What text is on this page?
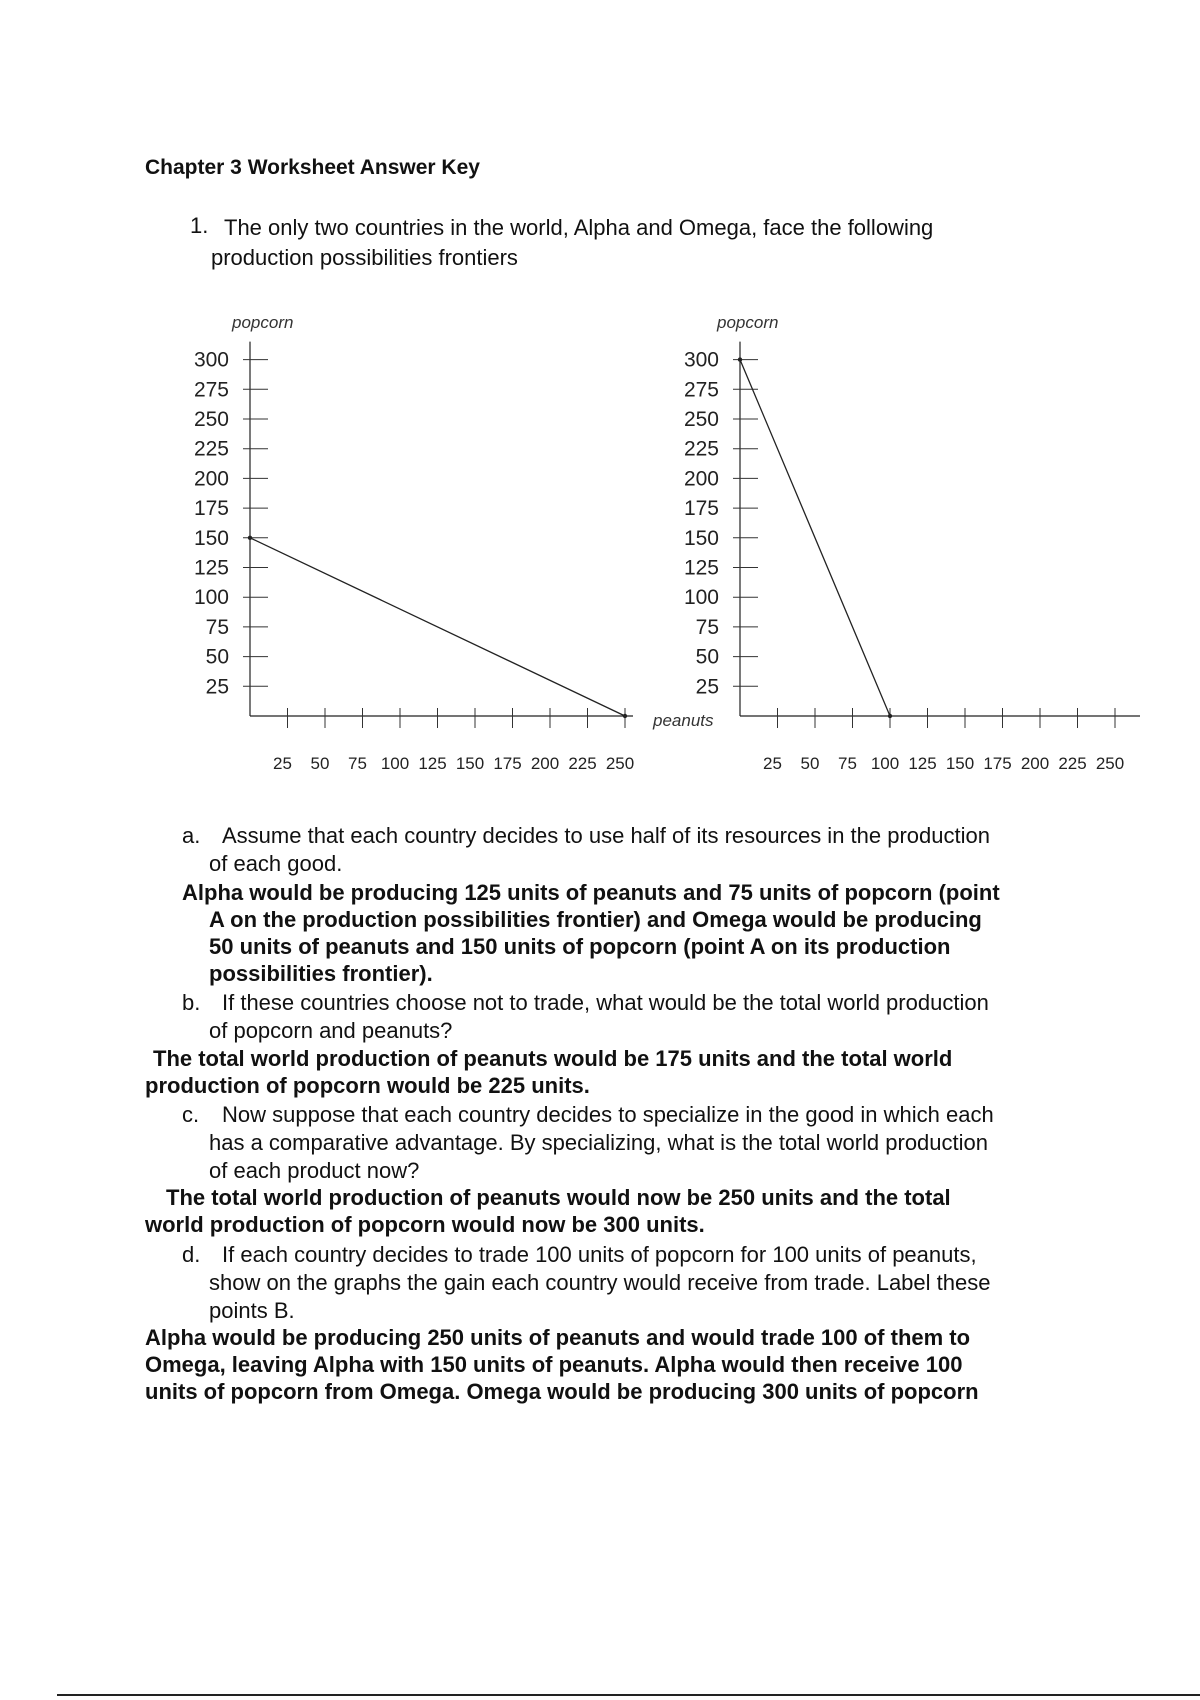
Chapter 3 Worksheet Answer Key
1. The only two countries in the world, Alpha and Omega, face the following
production possibilities frontiers
popcorn
300
275
250
225
200
175
150
125
100
75
50
25
25 50 75 100 125 150 175 200 225 250
peanuts
popcorn
300
275
250
225
200
175
150
125
100
75
50
25
25 50 75 100 125 150 175 200 225 250
a. Assume that each country decides to use half of its resources in the production
of each good.
Alpha would be producing 125 units of peanuts and 75 units of popcorn (point
A on the production possibilities frontier) and Omega would be producing
50 units of peanuts and 150 units of popcorn (point A on its production
possibilities frontier).
b. If these countries choose not to trade, what would be the total world production
of popcorn and peanuts?
The total world production of peanuts would be 175 units and the total world
production of popcorn would be 225 units.
c. Now suppose that each country decides to specialize in the good in which each
has a comparative advantage. By specializing, what is the total world production
of each product now?
The total world production of peanuts would now be 250 units and the total
world production of popcorn would now be 300 units.
d. If each country decides to trade 100 units of popcorn for 100 units of peanuts,
show on the graphs the gain each country would receive from trade. Label these
points B.
Alpha would be producing 250 units of peanuts and would trade 100 of them to
Omega, leaving Alpha with 150 units of peanuts. Alpha would then receive 100
units of popcorn from Omega. Omega would be producing 300 units of popcorn
